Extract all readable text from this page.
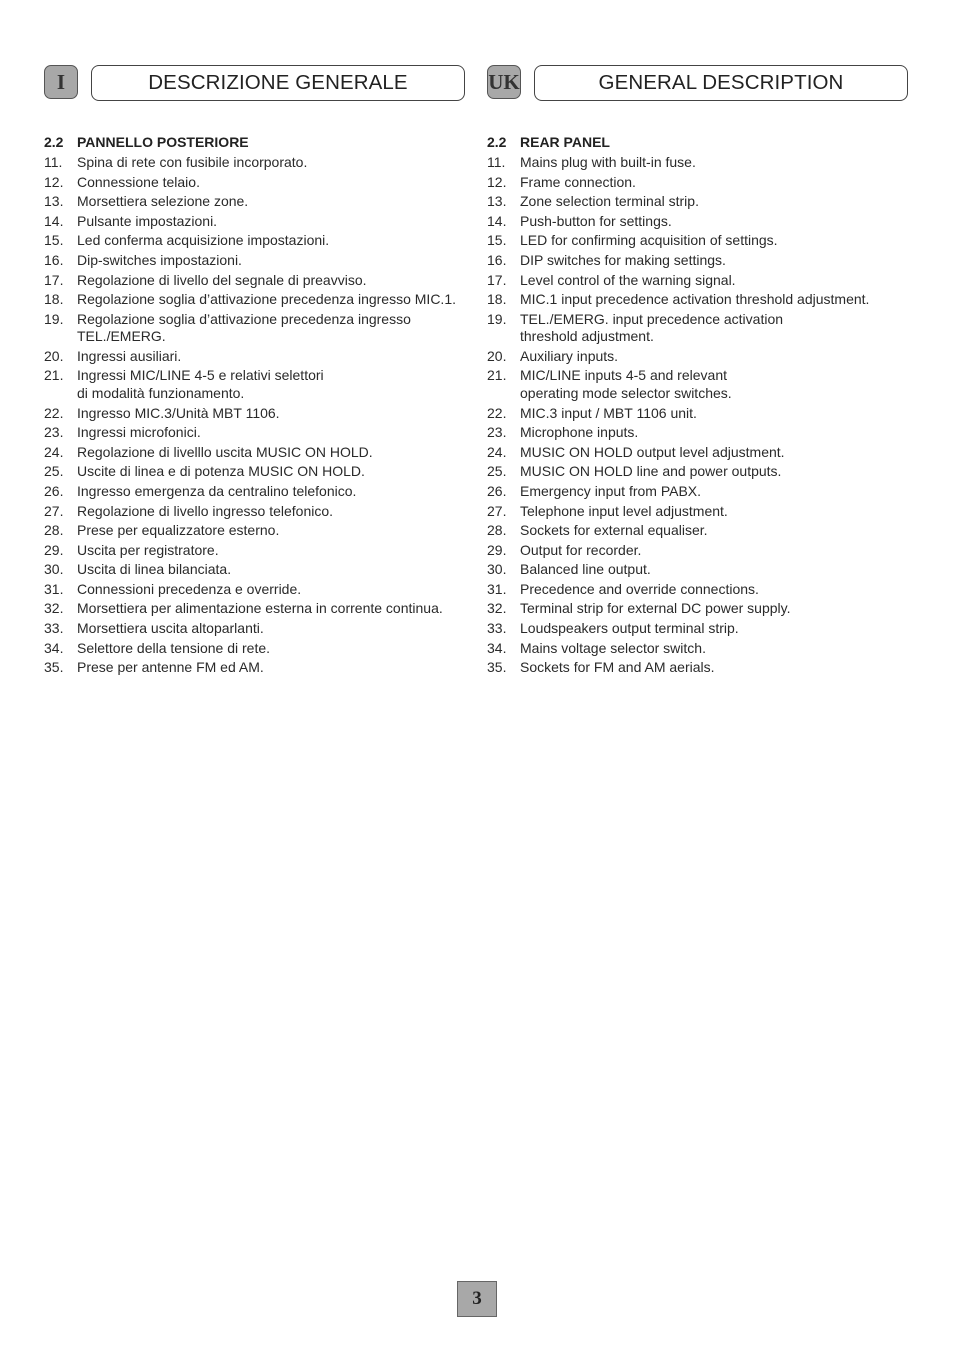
I	DESCRIZIONE GENERALE
2.2 PANNELLO POSTERIORE
11.	Spina di rete con fusibile incorporato.
12. Connessione telaio.
13. Morsettiera selezione zone.
14. Pulsante impostazioni.
15. Led conferma acquisizione impostazioni.
16. Dip-switches impostazioni.
17. Regolazione di livello del segnale di preavviso.
18. Regolazione soglia d’attivazione precedenza ingresso MIC.1.
19. Regolazione soglia d’attivazione precedenza ingresso
TEL./EMERG.
20. Ingressi ausiliari.
21. Ingressi MIC/LINE 4-5 e relativi selettori
di modalità funzionamento.
22. Ingresso MIC.3/Unità MBT 1106.
23. Ingressi microfonici.
24. Regolazione di livelllo uscita MUSIC ON HOLD.
25. Uscite di linea e di potenza MUSIC ON HOLD.
26. Ingresso emergenza da centralino telefonico.
27. Regolazione di livello ingresso telefonico.
28. Prese per equalizzatore esterno.
29. Uscita per registratore.
30. Uscita di linea bilanciata.
31. Connessioni precedenza e override.
32. Morsettiera per alimentazione esterna in corrente continua.
33. Morsettiera uscita altoparlanti.
34. Selettore della tensione di rete.
35. Prese per antenne FM ed AM.
UK	GENERAL DESCRIPTION
2.2 REAR PANEL
11.	Mains plug with built-in fuse.
12. Frame connection.
13. Zone selection terminal strip.
14. Push-button for settings.
15. LED for confirming acquisition of settings.
16. DIP switches for making settings.
17. Level control of the warning signal.
18. MIC.1 input precedence activation threshold adjustment.
19. TEL./EMERG. input precedence activation
threshold adjustment.
20. Auxiliary inputs.
21. MIC/LINE inputs 4-5 and relevant
operating mode selector switches.
22. MIC.3 input / MBT 1106 unit.
23. Microphone inputs.
24. MUSIC ON HOLD output level adjustment.
25. MUSIC ON HOLD line and power outputs.
26. Emergency input from PABX.
27. Telephone input level adjustment.
28. Sockets for external equaliser.
29. Output for recorder.
30. Balanced line output.
31. Precedence and override connections.
32. Terminal strip for external DC power supply.
33. Loudspeakers output terminal strip.
34. Mains voltage selector switch.
35. Sockets for FM and AM aerials.
3
